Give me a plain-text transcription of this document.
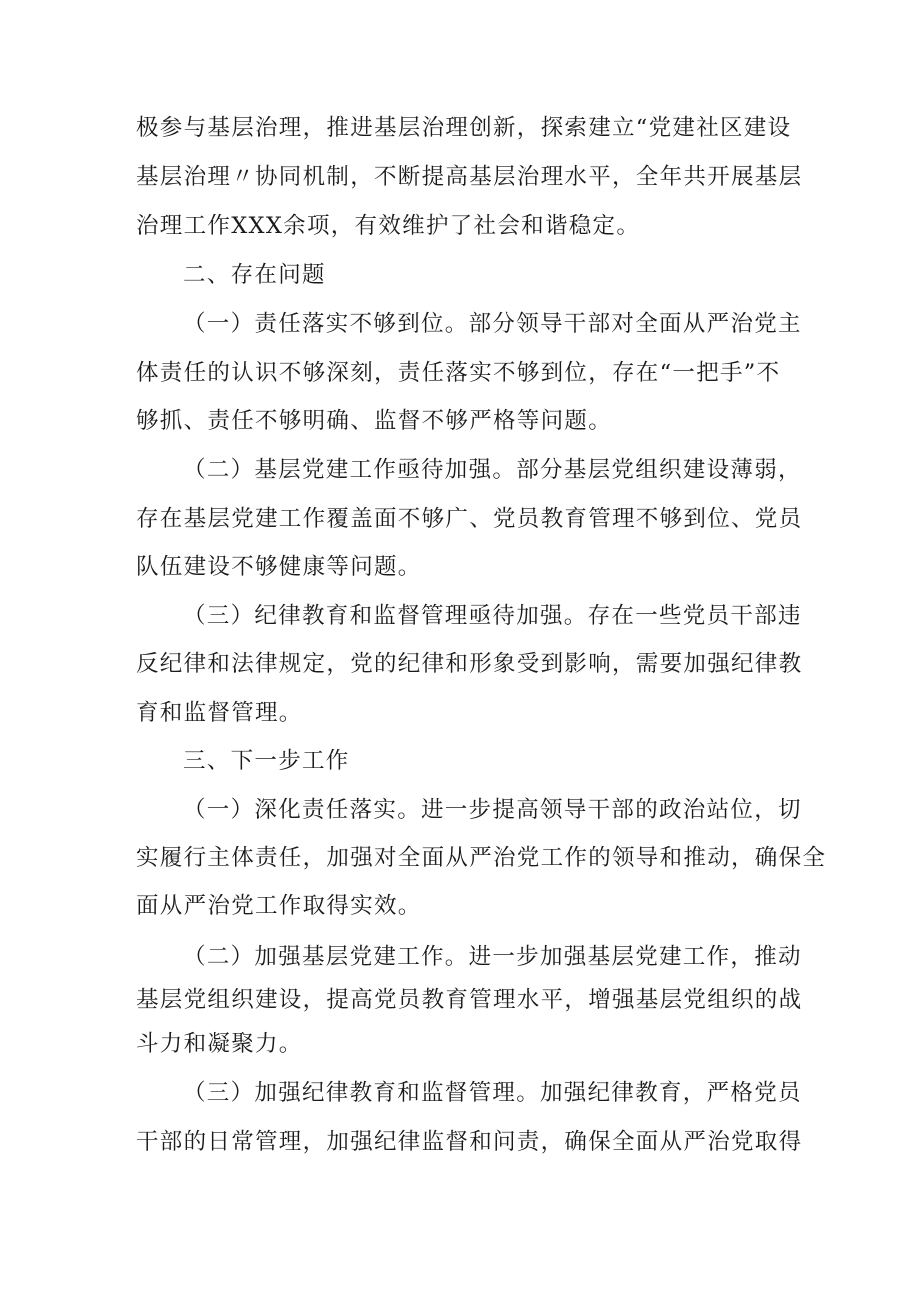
极参与基层治理，推进基层治理创新，探索建立“党建社区建设

基层治理〃协同机制，不断提高基层治理水平，全年共开展基层

治理工作XXX余项，有效维护了社会和谐稳定。

二、存在问题

（一）责任落实不够到位。部分领导干部对全面从严治党主

体责任的认识不够深刻，责任落实不够到位，存在“一把手”不

够抓、责任不够明确、监督不够严格等问题。

（二）基层党建工作亟待加强。部分基层党组织建设薄弱，

存在基层党建工作覆盖面不够广、党员教育管理不够到位、党员

队伍建设不够健康等问题。

（三）纪律教育和监督管理亟待加强。存在一些党员干部违

反纪律和法律规定，党的纪律和形象受到影响，需要加强纪律教

育和监督管理。

三、下一步工作

（一）深化责任落实。进一步提高领导干部的政治站位，切

实履行主体责任，加强对全面从严治党工作的领导和推动，确保全

面从严治党工作取得实效。

（二）加强基层党建工作。进一步加强基层党建工作，推动

基层党组织建设，提高党员教育管理水平，增强基层党组织的战

斗力和凝聚力。

（三）加强纪律教育和监督管理。加强纪律教育，严格党员

干部的日常管理，加强纪律监督和问责，确保全面从严治党取得
